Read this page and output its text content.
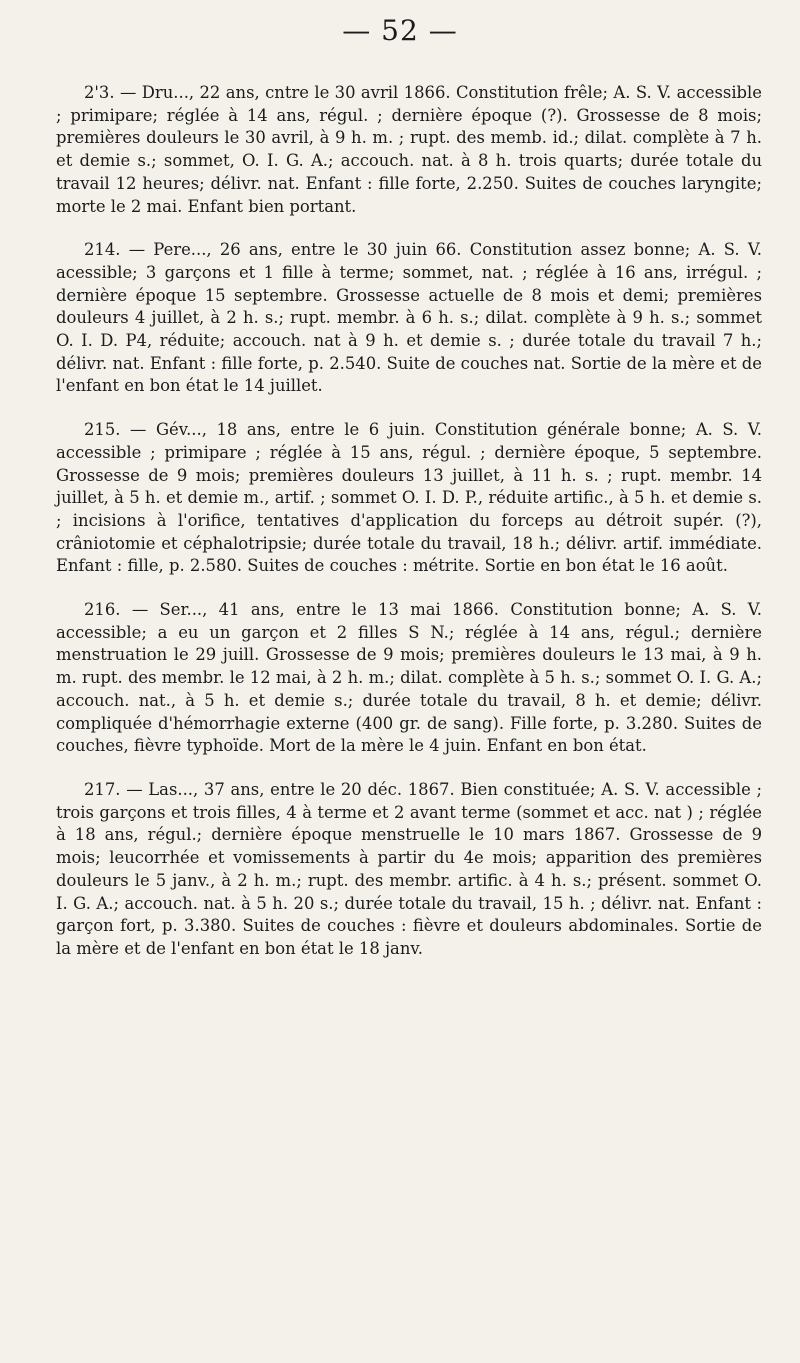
— 52 —

2'3. — Dru..., 22 ans, cntre le 30 avril 1866. Constitution frêle; A. S. V. accessible ; primipare; réglée à 14 ans, régul. ; dernière époque (?). Grossesse de 8 mois; premières douleurs le 30 avril, à 9 h. m. ; rupt. des memb. id.; dilat. complète à 7 h. et demie s.; sommet, O. I. G. A.; accouch. nat. à 8 h. trois quarts; durée totale du travail 12 heures; délivr. nat. Enfant : fille forte, 2.250. Suites de couches laryngite; morte le 2 mai. Enfant bien portant.

214. — Pere..., 26 ans, entre le 30 juin 66. Constitution assez bonne; A. S. V. acessible; 3 garçons et 1 fille à terme; sommet, nat. ; réglée à 16 ans, irrégul. ; dernière époque 15 septembre. Grossesse actuelle de 8 mois et demi; premières douleurs 4 juillet, à 2 h. s.; rupt. membr. à 6 h. s.; dilat. complète à 9 h. s.; sommet O. I. D. P4, réduite; accouch. nat à 9 h. et demie s. ; durée totale du travail 7 h.; délivr. nat. Enfant : fille forte, p. 2.540. Suite de couches nat. Sortie de la mère et de l'enfant en bon état le 14 juillet.

215. — Gév..., 18 ans, entre le 6 juin. Constitution générale bonne; A. S. V. accessible ; primipare ; réglée à 15 ans, régul. ; dernière époque, 5 septembre. Grossesse de 9 mois; premières douleurs 13 juillet, à 11 h. s. ; rupt. membr. 14 juillet, à 5 h. et demie m., artif. ; sommet O. I. D. P., réduite artific., à 5 h. et demie s. ; incisions à l'orifice, tentatives d'application du forceps au détroit supér. (?), crâniotomie et céphalotripsie; durée totale du travail, 18 h.; délivr. artif. immédiate. Enfant : fille, p. 2.580. Suites de couches : métrite. Sortie en bon état le 16 août.

216. — Ser..., 41 ans, entre le 13 mai 1866. Constitution bonne; A. S. V. accessible; a eu un garçon et 2 filles S N.; réglée à 14 ans, régul.; dernière menstruation le 29 juill. Grossesse de 9 mois; premières douleurs le 13 mai, à 9 h. m. rupt. des membr. le 12 mai, à 2 h. m.; dilat. complète à 5 h. s.; sommet O. I. G. A.; accouch. nat., à 5 h. et demie s.; durée totale du travail, 8 h. et demie; délivr. compliquée d'hémorrhagie externe (400 gr. de sang). Fille forte, p. 3.280. Suites de couches, fièvre typhoïde. Mort de la mère le 4 juin. Enfant en bon état.

217. — Las..., 37 ans, entre le 20 déc. 1867. Bien constituée; A. S. V. accessible ; trois garçons et trois filles, 4 à terme et 2 avant terme (sommet et acc. nat ) ; réglée à 18 ans, régul.; dernière époque menstruelle le 10 mars 1867. Grossesse de 9 mois; leucorrhée et vomissements à partir du 4e mois; apparition des premières douleurs le 5 janv., à 2 h. m.; rupt. des membr. artific. à 4 h. s.; présent. sommet O. I. G. A.; accouch. nat. à 5 h. 20 s.; durée totale du travail, 15 h. ; délivr. nat. Enfant : garçon fort, p. 3.380. Suites de couches : fièvre et douleurs abdominales. Sortie de la mère et de l'enfant en bon état le 18 janv.
